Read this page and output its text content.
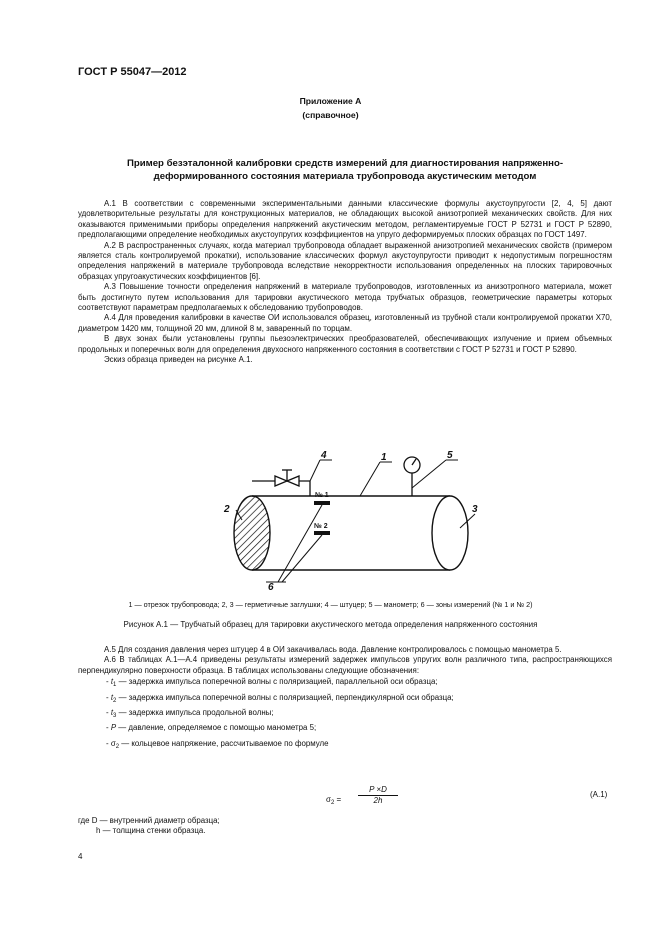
ГОСТ Р 55047—2012
Приложение А
(справочное)
Пример безэталонной калибровки средств измерений для диагностирования напряженно-
деформированного состояния материала трубопровода акустическим методом

А.1 В соответствии с современными экспериментальными данными классические формулы акустоупругости [2, 4, 5] дают удовлетворительные результаты для конструкционных материалов, не обладающих высокой анизотропией механических свойств. Для них оказываются применимыми приборы определения напряжений акустическим методом, регламентируемые ГОСТ Р 52731 и ГОСТ Р 52890, предполагающими определение необходимых акустоупругих коэффициентов на упруго деформируемых плоских образцах по ГОСТ 1497.

А.2 В распространенных случаях, когда материал трубопровода обладает выраженной анизотропией механических свойств (примером является сталь контролируемой прокатки), использование классических формул акустоупругости приводит к недопустимым погрешностям определения напряжений в материале трубопровода вследствие некорректности использования определенных на плоских тарировочных образцах упругоакустических коэффициентов [6].

А.3 Повышение точности определения напряжений в материале трубопроводов, изготовленных из анизотропного материала, может быть достигнуто путем использования для тарировки акустического метода трубчатых образцов, геометрические параметры которых соответствуют параметрам предполагаемых к обследованию трубопроводов.

А.4 Для проведения калибровки в качестве ОИ использовался образец, изготовленный из трубной стали контролируемой прокатки Х70, диаметром 1420 мм, толщиной 20 мм, длиной 8 м, заваренный по торцам.

В двух зонах были установлены группы пьезоэлектрических преобразователей, обеспечивающих излучение и прием объемных продольных и поперечных волн для определения двухосного напряженного состояния в соответствии с ГОСТ Р 52731 и ГОСТ Р 52890.

Эскиз образца приведен на рисунке А.1.

4	1	5
2	3
6
№ 1
№ 2
1 — отрезок трубопровода; 2, 3 — герметичные заглушки; 4 — штуцер; 5 — манометр; 6 — зоны измерений (№ 1 и № 2)
Рисунок А.1 — Трубчатый образец для тарировки акустического метода определения напряженного состояния

А.5 Для создания давления через штуцер 4 в ОИ закачивалась вода. Давление контролировалось с помощью манометра 5.

А.6 В таблицах А.1—А.4 приведены результаты измерений задержек импульсов упругих волн различного типа, распространяющихся перпендикулярно поверхности образца. В таблицах использованы следующие обозначения:

- $t_1$ — задержка импульса поперечной волны с поляризацией, параллельной оси образца;
- $t_2$ — задержка импульса поперечной волны с поляризацией, перпендикулярной оси образца;
- $t_3$ — задержка импульса продольной волны;
- P — давление, определяемое с помощью манометра 5;
- $\sigma_2$ — кольцевое напряжение, рассчитываемое по формуле
$\sigma_2 = \frac{P \times D}{2h}$	(А.1)
где D — внутренний диаметр образца;
h — толщина стенки образца.
4
